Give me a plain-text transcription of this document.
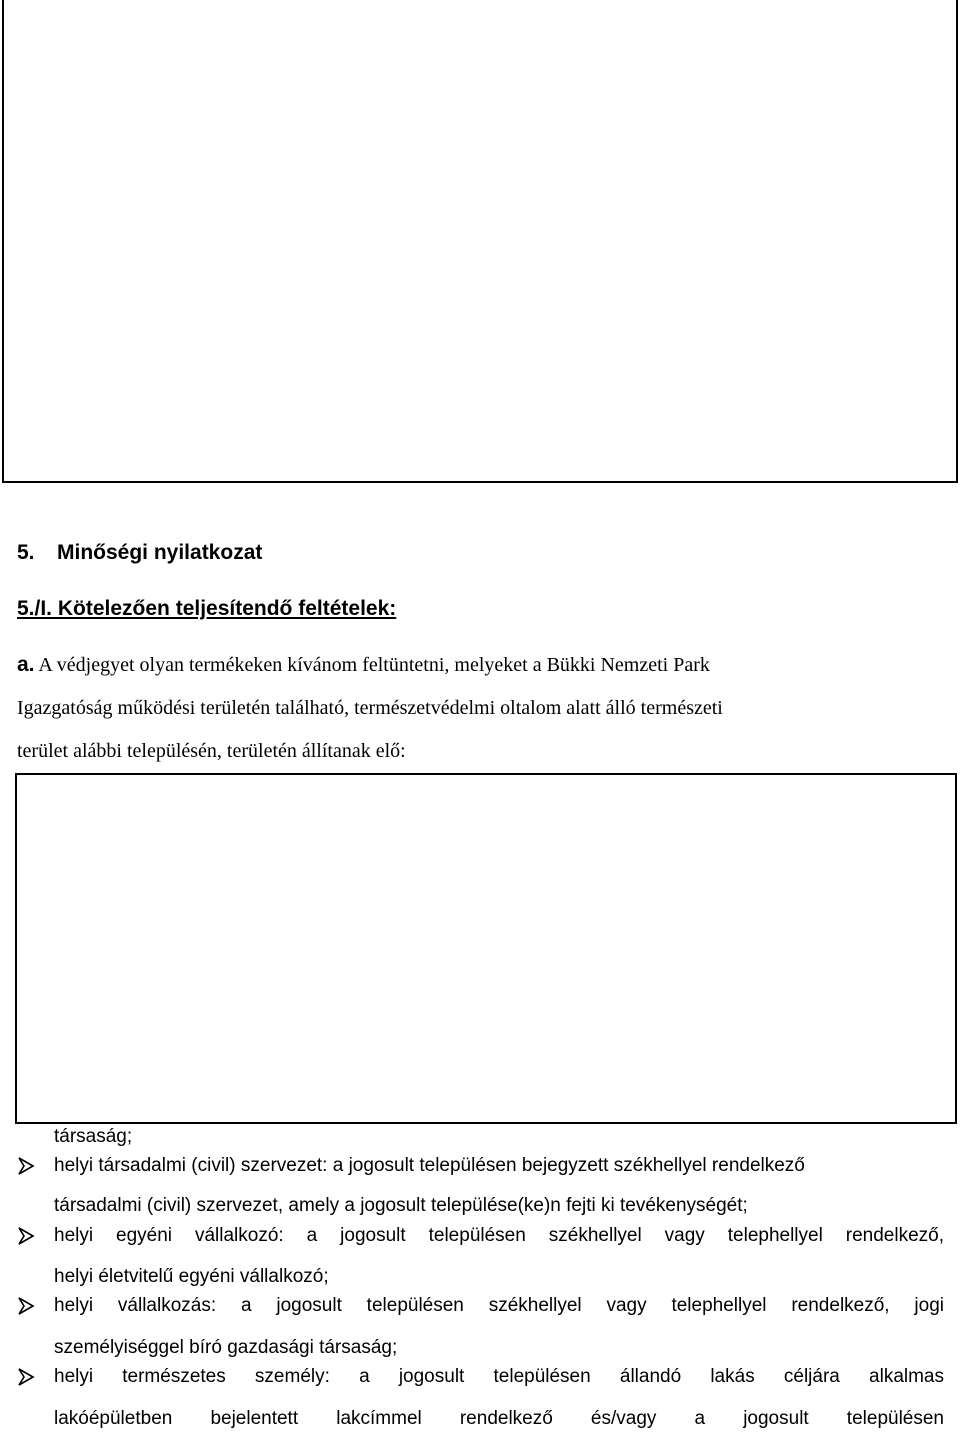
5. Minőségi nyilatkozat
5./I. Kötelezően teljesítendő feltételek:
a. A védjegyet olyan termékeken kívánom feltüntetni, melyeket a Bükki Nemzeti Park
Igazgatóság működési területén található, természetvédelmi oltalom alatt álló természeti
terület alábbi településén, területén állítanak elő:
társaság;
helyi társadalmi (civil) szervezet: a jogosult településen bejegyzett székhellyel rendelkező
társadalmi (civil) szervezet, amely a jogosult települése(ke)n fejti ki tevékenységét;
helyi egyéni vállalkozó: a jogosult településen székhellyel vagy telephellyel rendelkező,
helyi életvitelű egyéni vállalkozó;
helyi vállalkozás: a jogosult településen székhellyel vagy telephellyel rendelkező, jogi
személyiséggel bíró gazdasági társaság;
helyi természetes személy: a jogosult településen állandó lakás céljára alkalmas
lakóépületben bejelentett lakcímmel rendelkező és/vagy a jogosult településen
